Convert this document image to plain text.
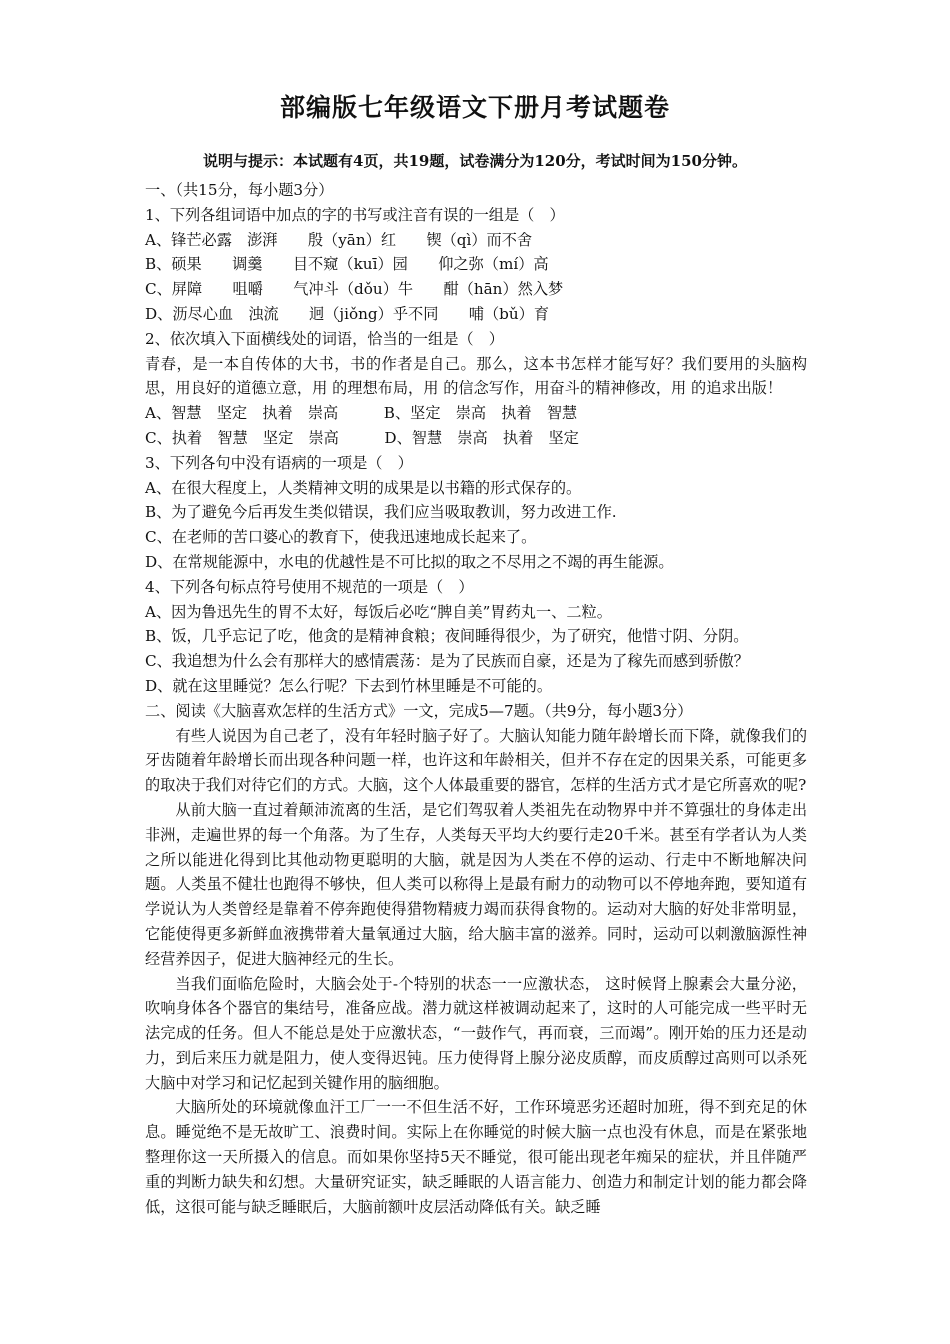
部编版七年级语文下册月考试题卷
说明与提示：本试题有4页，共19题，试卷满分为120分，考试时间为150分钟。
一、（共15分，每小题3分）
1、下列各组词语中加点的字的书写或注音有误的一组是（　）
A、锋芒必露　澎湃　　殷（yān）红　　锲（qì）而不舍
B、硕果　　调羹　　目不窥（kuī）园　　仰之弥（mí）高
C、屏障　　咀嚼　　气冲斗（dǒu）牛　　酣（hān）然入梦
D、沥尽心血　浊流　　迥（jiǒng）乎不同　　哺（bǔ）育
2、依次填入下面横线处的词语，恰当的一组是（　）

青春，是一本自传体的大书，书的作者是自己。那么，这本书怎样才能写好？我们要用的头脑构思，用良好的道德立意，用 的理想布局，用 的信念写作，用奋斗的精神修改，用 的追求出版！

A、智慧　坚定　执着　崇高　　　B、坚定　崇高　执着　智慧
C、执着　智慧　坚定　崇高　　　D、智慧　崇高　执着　坚定
3、下列各句中没有语病的一项是（　）
A、在很大程度上，人类精神文明的成果是以书籍的形式保存的。
B、为了避免今后再发生类似错误，我们应当吸取教训，努力改进工作.
C、在老师的苦口婆心的教育下，使我迅速地成长起来了。
D、在常规能源中，水电的优越性是不可比拟的取之不尽用之不竭的再生能源。
4、下列各句标点符号使用不规范的一项是（　）
A、因为鲁迅先生的胃不太好，每饭后必吃“脾自美”胃药丸一、二粒。
B、饭，几乎忘记了吃，他贪的是精神食粮；夜间睡得很少，为了研究，他惜寸阴、分阴。
C、我追想为什么会有那样大的感情震荡：是为了民族而自豪，还是为了稼先而感到骄傲？
D、就在这里睡觉？怎么行呢？下去到竹林里睡是不可能的。
二、阅读《大脑喜欢怎样的生活方式》一文，完成5—7题。（共9分，每小题3分）

有些人说因为自己老了，没有年轻时脑子好了。大脑认知能力随年龄增长而下降，就像我们的牙齿随着年龄增长而出现各种问题一样，也许这和年龄相关，但并不存在定的因果关系，可能更多的取决于我们对待它们的方式。大脑，这个人体最重要的器官，怎样的生活方式才是它所喜欢的呢?

从前大脑一直过着颠沛流离的生活，是它们驾驭着人类祖先在动物界中并不算强壮的身体走出非洲，走遍世界的每一个角落。为了生存，人类每天平均大约要行走20千米。甚至有学者认为人类之所以能进化得到比其他动物更聪明的大脑，就是因为人类在不停的运动、行走中不断地解决问题。人类虽不健壮也跑得不够快，但人类可以称得上是最有耐力的动物可以不停地奔跑，要知道有学说认为人类曾经是靠着不停奔跑使得猎物精疲力竭而获得食物的。运动对大脑的好处非常明显，它能使得更多新鲜血液携带着大量氧通过大脑，给大脑丰富的滋养。同时，运动可以刺激脑源性神经营养因子，促进大脑神经元的生长。

当我们面临危险时，大脑会处于-个特别的状态一一应激状态， 这时候肾上腺素会大量分泌，吹响身体各个器官的集结号，准备应战。潜力就这样被调动起来了，这时的人可能完成一些平时无法完成的任务。但人不能总是处于应激状态，“一鼓作气，再而衰，三而竭”。刚开始的压力还是动力，到后来压力就是阻力，使人变得迟钝。压力使得肾上腺分泌皮质醇，而皮质醇过高则可以杀死大脑中对学习和记忆起到关键作用的脑细胞。

大脑所处的环境就像血汗工厂一一不但生活不好，工作环境恶劣还超时加班，得不到充足的休息。睡觉绝不是无故旷工、浪费时间。实际上在你睡觉的时候大脑一点也没有休息，而是在紧张地整理你这一天所摄入的信息。而如果你坚持5天不睡觉，很可能出现老年痴呆的症状，并且伴随严重的判断力缺失和幻想。大量研究证实，缺乏睡眠的人语言能力、创造力和制定计划的能力都会降低，这很可能与缺乏睡眠后，大脑前额叶皮层活动降低有关。缺乏睡
